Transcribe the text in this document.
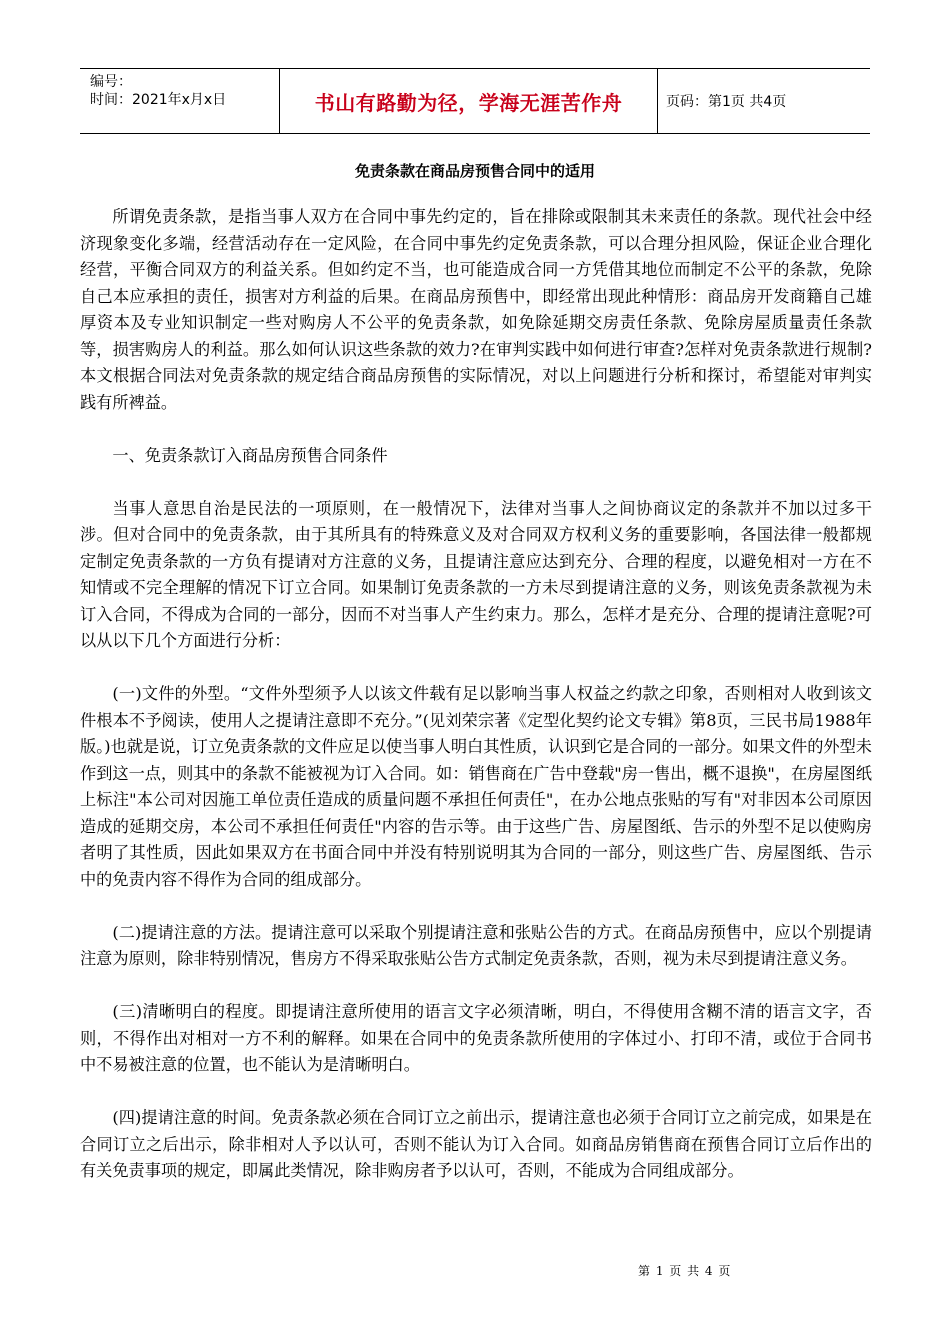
编号：
时间：2021年x月x日	书山有路勤为径，学海无涯苦作舟	页码：第1页 共4页
免责条款在商品房预售合同中的适用

所谓免责条款，是指当事人双方在合同中事先约定的，旨在排除或限制其未来责任的条款。现代社会中经济现象变化多端，经营活动存在一定风险，在合同中事先约定免责条款，可以合理分担风险，保证企业合理化经营，平衡合同双方的利益关系。但如约定不当，也可能造成合同一方凭借其地位而制定不公平的条款，免除自己本应承担的责任，损害对方利益的后果。在商品房预售中，即经常出现此种情形：商品房开发商籍自己雄厚资本及专业知识制定一些对购房人不公平的免责条款，如免除延期交房责任条款、免除房屋质量责任条款等，损害购房人的利益。那么如何认识这些条款的效力?在审判实践中如何进行审查?怎样对免责条款进行规制?本文根据合同法对免责条款的规定结合商品房预售的实际情况，对以上问题进行分析和探讨，希望能对审判实践有所裨益。

一、免责条款订入商品房预售合同条件

当事人意思自治是民法的一项原则，在一般情况下，法律对当事人之间协商议定的条款并不加以过多干涉。但对合同中的免责条款，由于其所具有的特殊意义及对合同双方权利义务的重要影响，各国法律一般都规定制定免责条款的一方负有提请对方注意的义务，且提请注意应达到充分、合理的程度，以避免相对一方在不知情或不完全理解的情况下订立合同。如果制订免责条款的一方未尽到提请注意的义务，则该免责条款视为未订入合同，不得成为合同的一部分，因而不对当事人产生约束力。那么，怎样才是充分、合理的提请注意呢?可以从以下几个方面进行分析：

(一)文件的外型。“文件外型须予人以该文件载有足以影响当事人权益之约款之印象，否则相对人收到该文件根本不予阅读，使用人之提请注意即不充分。”(见刘荣宗著《定型化契约论文专辑》第8页，三民书局1988年版。)也就是说，订立免责条款的文件应足以使当事人明白其性质，认识到它是合同的一部分。如果文件的外型未作到这一点，则其中的条款不能被视为订入合同。如：销售商在广告中登载"房一售出，概不退换"，在房屋图纸上标注"本公司对因施工单位责任造成的质量问题不承担任何责任"，在办公地点张贴的写有"对非因本公司原因造成的延期交房，本公司不承担任何责任"内容的告示等。由于这些广告、房屋图纸、告示的外型不足以使购房者明了其性质，因此如果双方在书面合同中并没有特别说明其为合同的一部分，则这些广告、房屋图纸、告示中的免责内容不得作为合同的组成部分。

(二)提请注意的方法。提请注意可以采取个别提请注意和张贴公告的方式。在商品房预售中，应以个别提请注意为原则，除非特别情况，售房方不得采取张贴公告方式制定免责条款，否则，视为未尽到提请注意义务。

(三)清晰明白的程度。即提请注意所使用的语言文字必须清晰，明白，不得使用含糊不清的语言文字，否则，不得作出对相对一方不利的解释。如果在合同中的免责条款所使用的字体过小、打印不清，或位于合同书中不易被注意的位置，也不能认为是清晰明白。

(四)提请注意的时间。免责条款必须在合同订立之前出示，提请注意也必须于合同订立之前完成，如果是在合同订立之后出示，除非相对人予以认可，否则不能认为订入合同。如商品房销售商在预售合同订立后作出的有关免责事项的规定，即属此类情况，除非购房者予以认可，否则，不能成为合同组成部分。

第 1 页 共 4 页
